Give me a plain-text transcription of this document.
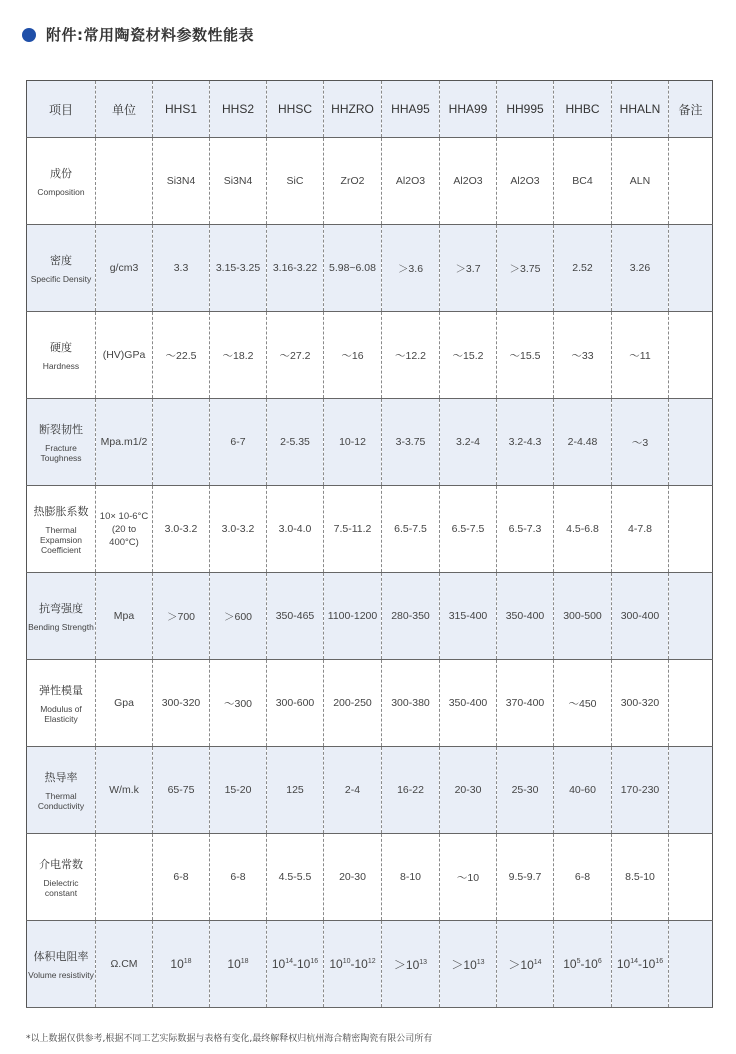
附件:常用陶瓷材料参数性能表
项目	单位	HHS1	HHS2	HHSC	HHZRO	HHA95	HHA99	HH995	HHBC	HHALN	备注

成份
Composition		Si3N4	Si3N4	SiC	ZrO2	Al2O3	Al2O3	Al2O3	BC4	ALN	

密度
Specific Density	g/cm3	3.3	3.15-3.25	3.16-3.22	5.98~6.08	＞3.6	＞3.7	＞3.75	2.52	3.26	

硬度
Hardness	(HV)GPa	～22.5	～18.2	～27.2	～16	～12.2	～15.2	～15.5	～33	～11	

断裂韧性
Fracture Toughness	Mpa.m1/2		6-7	2-5.35	10-12	3-3.75	3.2-4	3.2-4.3	2-4.48	～3	

热膨胀系数
Thermal Expamsion Coefficient	10× 10-6°C (20 to 400°C)	3.0-3.2	3.0-3.2	3.0-4.0	7.5-11.2	6.5-7.5	6.5-7.5	6.5-7.3	4.5-6.8	4-7.8	

抗弯强度
Bending Strength	Mpa	＞700	＞600	350-465	1100-1200	280-350	315-400	350-400	300-500	300-400	

弹性模量
Modulus of Elasticity	Gpa	300-320	～300	300-600	200-250	300-380	350-400	370-400	～450	300-320	

热导率
Thermal Conductivity	W/m.k	65-75	15-20	125	2-4	16-22	20-30	25-30	40-60	170-230	

介电常数
Dielectric constant		6-8	6-8	4.5-5.5	20-30	8-10	～10	9.5-9.7	6-8	8.5-10	

体积电阻率
Volume resistivity	Ω.CM	$10^{18}$	$10^{18}$	$10^{14}-10^{16}$	$10^{10}-10^{12}$	$>10^{13}$	$>10^{13}$	$>10^{14}$	$10^5-10^6$	$10^{14}-10^{16}$	
*以上数据仅供参考,根据不同工艺实际数据与表格有变化,最终解释权归杭州海合精密陶瓷有限公司所有
